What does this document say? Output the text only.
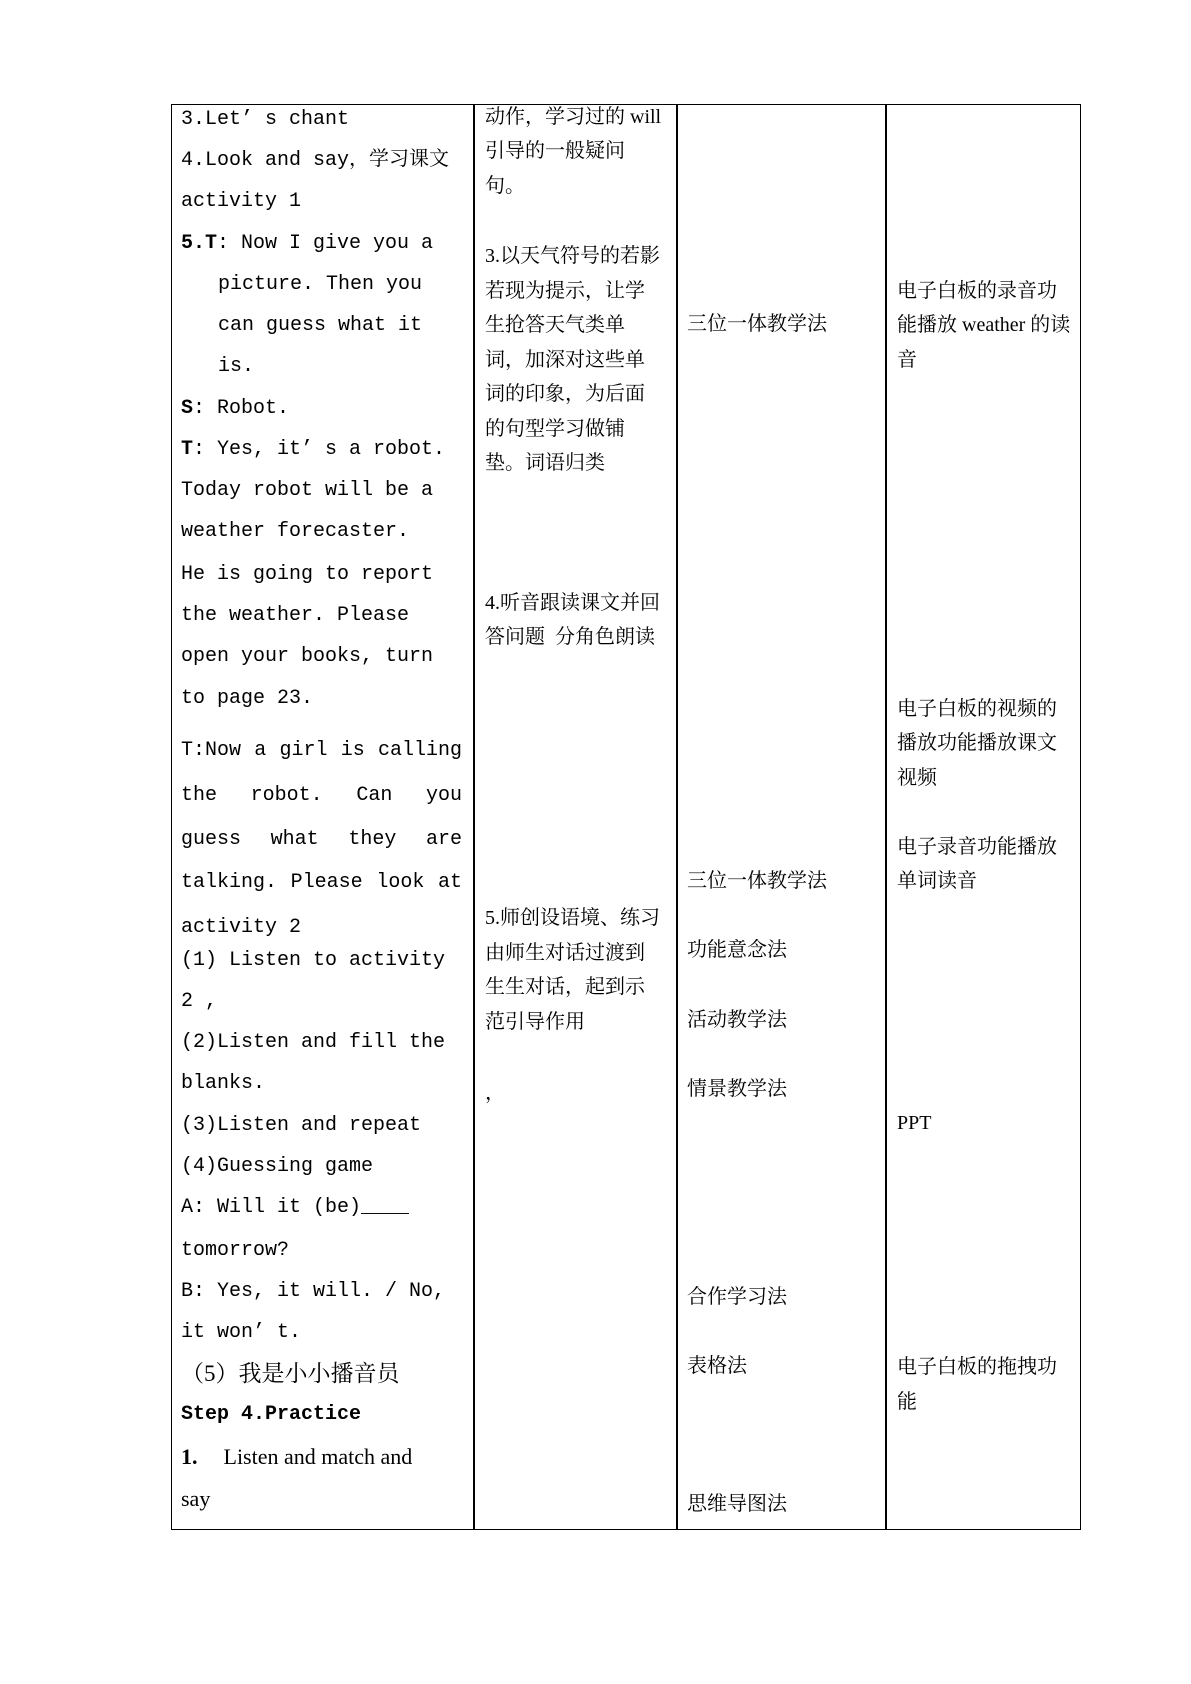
3.Let’ s chant
4.Look and say，学习课文
activity 1
5.T: Now I give you a
picture. Then you
can guess what it
is.
S: Robot.
T: Yes, it’ s a robot.
Today robot will be a
weather forecaster.
He is going to report
the weather. Please
open your books, turn
to page 23.
T:Now a girl is calling
the robot. Can you
guess what they are
talking. Please look at
activity 2
(1) Listen to activity
2 ,
(2)Listen and fill the
blanks.
(3)Listen and repeat
(4)Guessing game
A: Will it (be)____
tomorrow?
B: Yes, it will. / No,
it won’ t.
（5）我是小小播音员
Step 4.Practice
1. Listen and match and
say
动作，学习过的 will
引导的一般疑问
句。
3.以天气符号的若影
若现为提示，让学
生抢答天气类单
词，加深对这些单
词的印象，为后面
的句型学习做铺
垫。词语归类
4.听音跟读课文并回
答问题  分角色朗读
5.师创设语境、练习
由师生对话过渡到
生生对话，起到示
范引导作用
，
三位一体教学法
三位一体教学法
功能意念法
活动教学法
情景教学法
合作学习法
表格法
思维导图法
电子白板的录音功
能播放 weather 的读
音
电子白板的视频的
播放功能播放课文
视频
电子录音功能播放
单词读音
PPT
电子白板的拖拽功
能
